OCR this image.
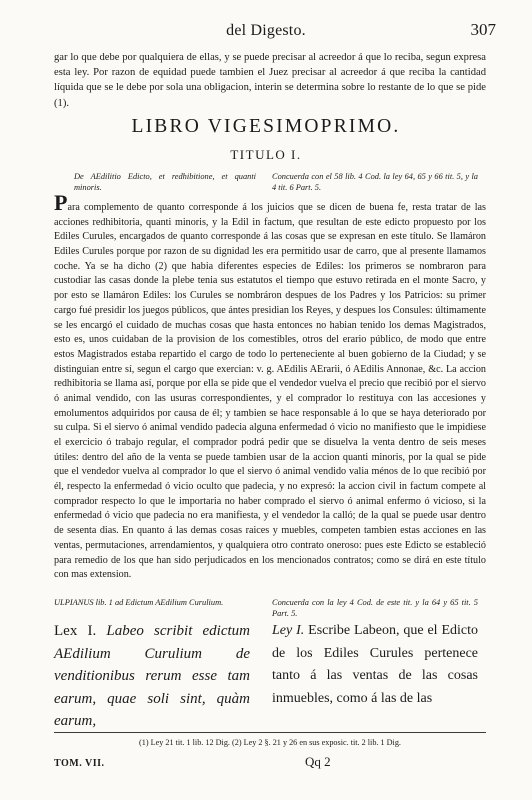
del Digesto.	307

gar lo que debe por qualquiera de ellas, y se puede precisar al acreedor á que lo reciba, segun expresa esta ley. Por razon de equidad puede tambien el Juez precisar al acreedor á que reciba la cantidad líquida que se le debe por sola una obligacion, interin se determina sobre lo restante de lo que se pide (1).

LIBRO VIGESIMOPRIMO.
TITULO I.
De AEdilitio Edicto, et redhibitione, et quanti minoris.
Concuerda con el 58 lib. 4 Cod. la ley 64, 65 y 66 tit. 5, y la 4 tit. 6 Part. 5.

Para complemento de quanto corresponde á los juicios que se dicen de buena fe, resta tratar de las acciones redhibitoria, quanti minoris, y la Edil in factum, que resultan de este edicto propuesto por los Ediles Curules, encargados de quanto corresponde á las cosas que se expresan en este título. Se llamáron Ediles Curules porque por razon de su dignidad les era permitido usar de carro, que al presente llamamos coche. Ya se ha dicho (2) que habia diferentes especies de Ediles: los primeros se nombraron para custodiar las casas donde la plebe tenia sus estatutos el tiempo que estuvo retirada en el monte Sacro, y por esto se llamáron Ediles: los Curules se nombráron despues de los Padres y los Patricios: su primer cargo fué presidir los juegos públicos, que ántes presidian los Reyes, y despues los Consules: últimamente se les encargó el cuidado de muchas cosas que hasta entonces no habian tenido los demas Magistrados, esto es, unos cuidaban de la provision de los comestibles, otros del erario público, de modo que entre estos Magistrados estaba repartido el cargo de todo lo perteneciente al buen gobierno de la Ciudad; y se distinguian entre sí, segun el cargo que exercian: v. g. AEdilis AErarii, ó AEdilis Annonae, &c. La accion redhibitoria se llama así, porque por ella se pide que el vendedor vuelva el precio que recibió por el siervo ó animal vendido, con las usuras correspondientes, y el comprador lo restituya con las accesiones y emolumentos adquiridos por causa de él; y tambien se hace responsable á lo que se haya deteriorado por su culpa. Si el siervo ó animal vendido padecia alguna enfermedad ó vicio no manifiesto que le impidiese el exercicio ó trabajo regular, el comprador podrá pedir que se disuelva la venta dentro de seis meses útiles: dentro del año de la venta se puede tambien usar de la accion quanti minoris, por la qual se pide que el vendedor vuelva al comprador lo que el siervo ó animal vendido valia ménos de lo que recibió por él, respecto la enfermedad ó vicio oculto que padecia, y no expresó: la accion civil in factum compete al comprador respecto lo que le importaria no haber comprado el siervo ó animal enfermo ó vicioso, si la enfermedad ó vicio que padecia no era manifiesta, y el vendedor la calló; de la qual se puede usar dentro de sesenta dias. En quanto á las demas cosas raices y muebles, competen tambien estas acciones en las ventas, permutaciones, arrendamientos, y qualquiera otro contrato oneroso: pues este Edicto se estableció para remedio de los que han sido perjudicados en los mencionados contratos; como se dirá en este título con mas extension.

ULPIANUS lib. 1 ad Edictum AEdilium Curulium.	Concuerda con la ley 4 Cod. de este tit. y la 64 y 65 tit. 5 Part. 5.

Lex I. Labeo scribit edictum AEdilium Curulium de venditionibus rerum esse tam earum, quae soli sint, quàm earum,

Ley I. Escribe Labeon, que el Edicto de los Ediles Curules pertenece tanto á las ventas de las cosas inmuebles, como á las de las

(1) Ley 21 tit. 1 lib. 12 Dig. (2) Ley 2 §. 21 y 26 en sus exposic. tit. 2 lib. 1 Dig.
TOM. VII.	Qq 2
